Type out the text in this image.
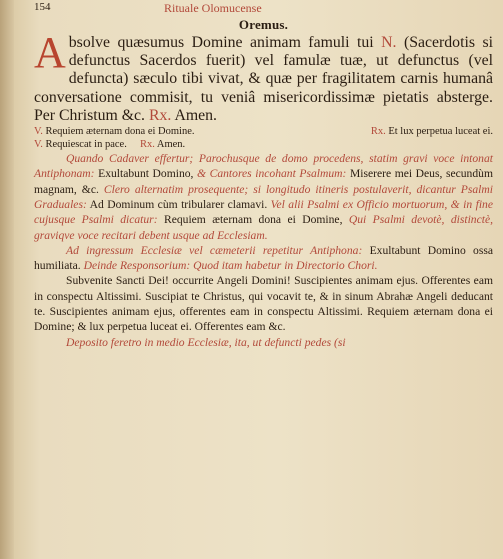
154	Rituale Olomucense
Oremus.
Absolve quæsumus Domine animam famuli tui N. (Sacerdotis si defunctus Sacerdos fuerit) vel famulæ tuæ, ut defunctus (vel defuncta) sæculo tibi vivat, & quæ per fragilitatem carnis humanâ conversatione commisit, tu veniâ misericordissimæ pietatis absterge. Per Christum &c. Rx. Amen.
V. Requiem æternam dona ei Domine.	Rx. Et lux perpetua luceat ei.
V. Requiescat in pace. Rx. Amen.

Quando Cadaver effertur; Parochusque de domo procedens, statim gravi voce intonat Antiphonam: Exultabunt Domino, & Cantores incohant Psalmum: Miserere mei Deus, secundùm magnam, &c. Clero alternatim prosequente; si longitudo itineris postulaverit, dicantur Psalmi Graduales: Ad Dominum cùm tribularer clamavi. Vel alii Psalmi ex Officio mortuorum, & in fine cujusque Psalmi dicatur: Requiem æternam dona ei Domine, Qui Psalmi devotè, distinctè, graviqve voce recitari debent usque ad Ecclesiam.

Ad ingressum Ecclesiæ vel cæmeterii repetitur Antiphona: Exultabunt Domino ossa humiliata. Deinde Responsorium: Quod itam habetur in Directorio Chori.

Subvenite Sancti Dei! occurrite Angeli Domini! Suscipientes animam ejus. Offerentes eam in conspectu Altissimi. Suscipiat te Christus, qui vocavit te, & in sinum Abrahæ Angeli deducant te. Suscipientes animam ejus, offerentes eam in conspectu Altissimi. Requiem æternam dona ei Domine; & lux perpetua luceat ei. Offerentes eam &c.

Deposito feretro in medio Ecclesiæ, ita, ut defuncti pedes (si
